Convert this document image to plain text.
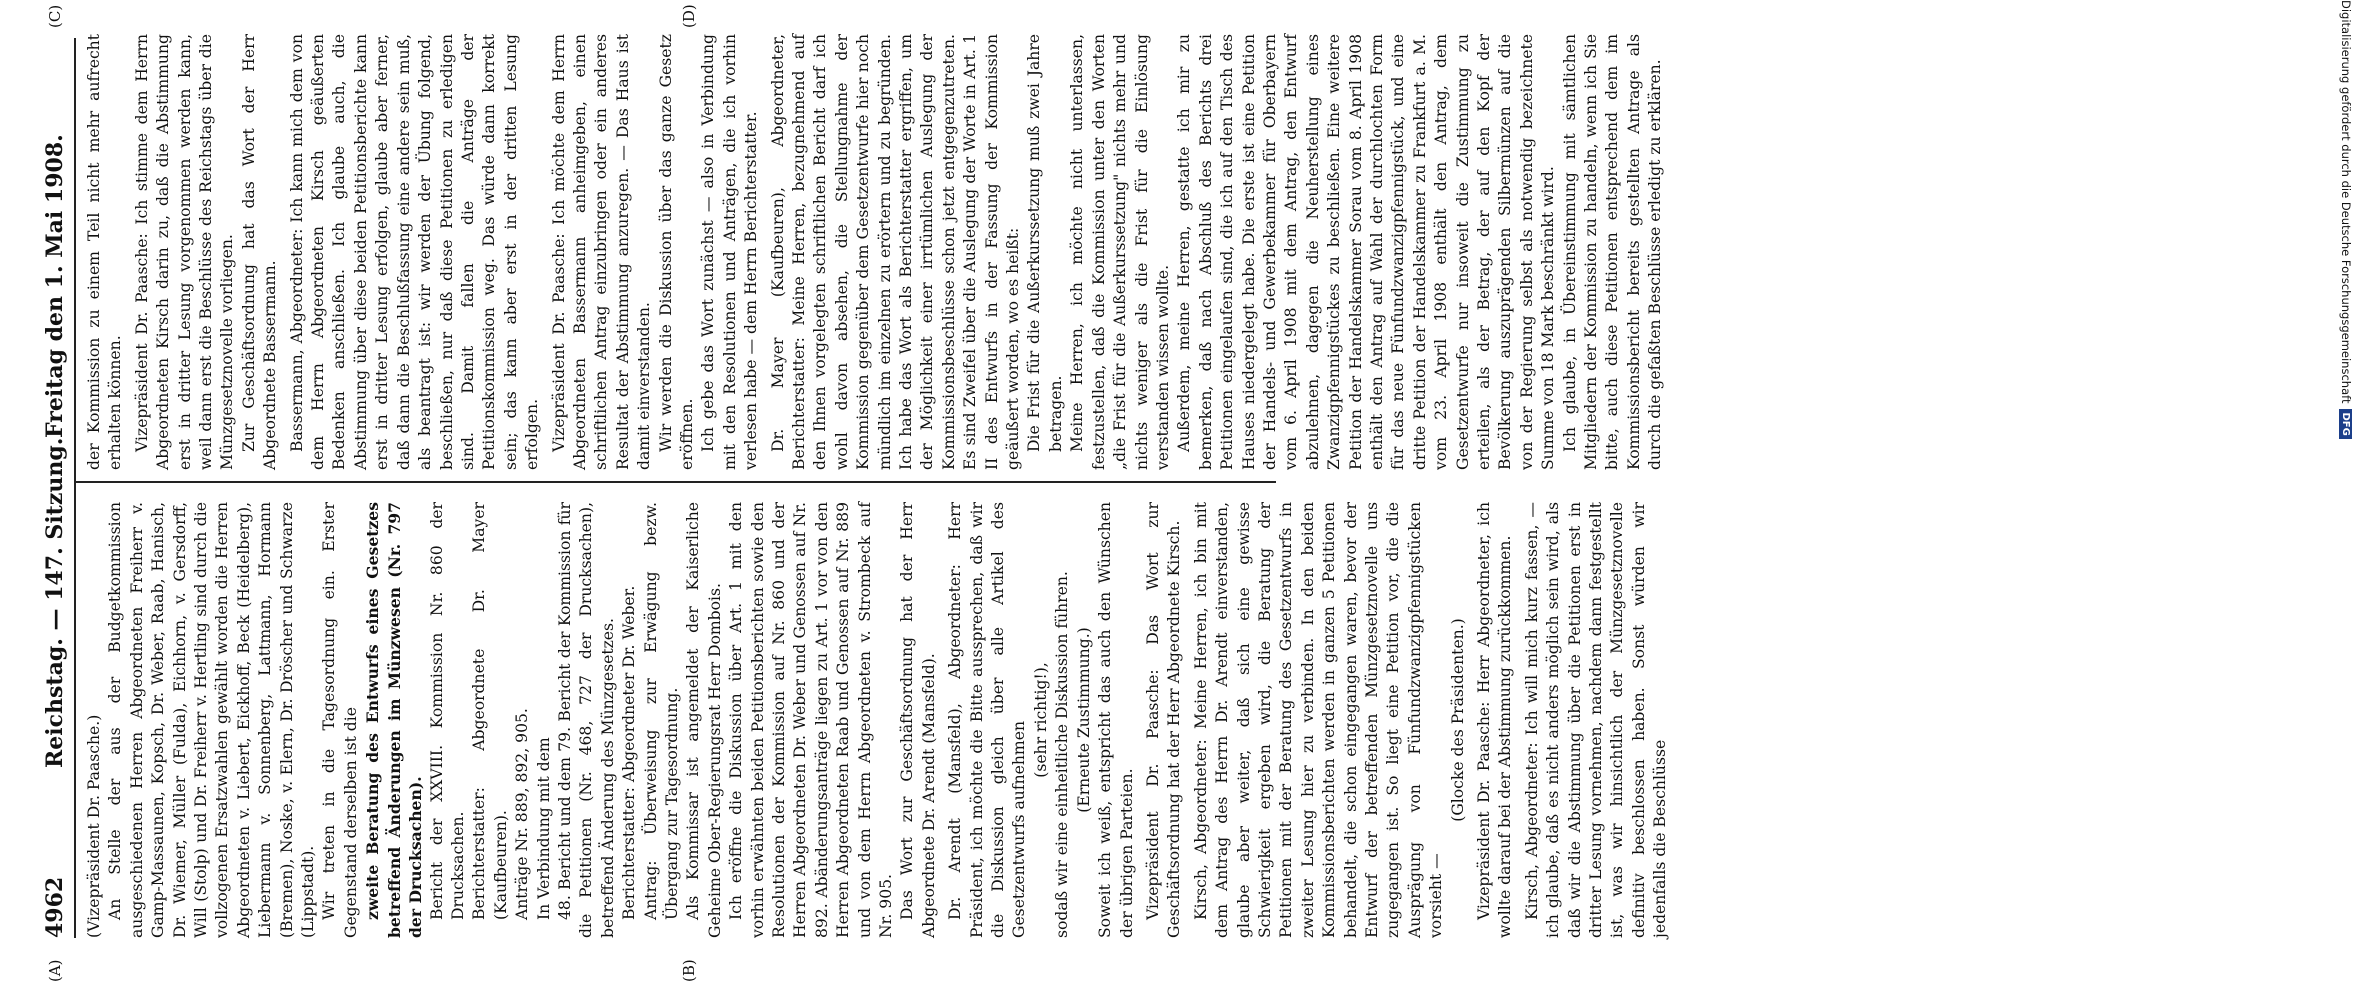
4962
Reichstag. — 147. Sitzung.
Freitag den 1. Mai 1908.
(A)	(B)
(C)	(D)

(Vizepräsident Dr. Paasche.) An Stelle der aus der Budgetkommission ausgeschiedenen Herren Abgeordneten Freiherr v. Gamp-Massaunen, Kopsch, Dr. Weber, Raab, Hanisch, Dr. Wiemer, Müller (Fulda), Eichhorn, v. Gersdorff, Will (Stolp) und Dr. Freiherr v. Hertling sind durch die vollzogenen Ersatzwahlen gewählt worden die Herren Abgeordneten v. Liebert, Eickhoff, Beck (Heidelberg), Liebermann v. Sonnenberg, Lattmann, Hormann (Bremen), Noske, v. Elern, Dr. Dröscher und Schwarze (Lippstadt). Wir treten in die Tagesordnung ein. Erster Gegenstand derselben ist die zweite Beratung des Entwurfs eines Gesetzes betreffend Änderungen im Münzwesen (Nr. 797 der Drucksachen). Bericht der XXVIII. Kommission Nr. 860 der Drucksachen. Berichterstatter: Abgeordnete Dr. Mayer (Kaufbeuren). Anträge Nr. 889, 892, 905. In Verbindung mit dem 48. Bericht und dem 79. Bericht der Kommission für die Petitionen (Nr. 468, 727 der Drucksachen), betreffend Änderung des Münzgesetzes. Berichterstatter: Abgeordneter Dr. Weber. Antrag: Überweisung zur Erwägung bezw. Übergang zur Tagesordnung. Als Kommissar ist angemeldet der Kaiserliche Geheime Ober-Regierungsrat Herr Dombois. Ich eröffne die Diskussion über Art. 1 mit den vorhin erwähnten beiden Petitionsberichten sowie den Resolutionen der Kommission auf Nr. 860 und der Herren Abgeordneten Dr. Weber und Genossen auf Nr. 892. Abänderungsanträge liegen zu Art. 1 vor von den Herren Abgeordneten Raab und Genossen auf Nr. 889 und von dem Herrn Abgeordneten v. Strombeck auf Nr. 905. Das Wort zur Geschäftsordnung hat der Herr Abgeordnete Dr. Arendt (Mansfeld). Dr. Arendt (Mansfeld), Abgeordneter: Herr Präsident, ich möchte die Bitte aussprechen, daß wir die Diskussion gleich über alle Artikel des Gesetzentwurfs aufnehmen

(sehr richtig!), sodaß wir eine einheitliche Diskussion führen. (Erneute Zustimmung.) Soweit ich weiß, entspricht das auch den Wünschen der übrigen Parteien. Vizepräsident Dr. Paasche: Das Wort zur Geschäftsordnung hat der Herr Abgeordnete Kirsch. Kirsch, Abgeordneter: Meine Herren, ich bin mit dem Antrag des Herrn Dr. Arendt einverstanden, glaube aber weiter, daß sich eine gewisse Schwierigkeit ergeben wird, die Beratung der Petitionen mit der Beratung des Gesetzentwurfs in zweiter Lesung hier zu verbinden. In den beiden Kommissionsberichten werden in ganzen 5 Petitionen behandelt, die schon eingegangen waren, bevor der Entwurf der betreffenden Münzgesetznovelle uns zugegangen ist. So liegt eine Petition vor, die die Ausprägung von Fünfundzwanzigpfennigstücken vorsieht —

(Glocke des Präsidenten.) Vizepräsident Dr. Paasche: Herr Abgeordneter, ich wollte darauf bei der Abstimmung zurückkommen. Kirsch, Abgeordneter: Ich will mich kurz fassen, — ich glaube, daß es nicht anders möglich sein wird, als daß wir die Abstimmung über die Petitionen erst in dritter Lesung vornehmen, nachdem dann festgestellt ist, was wir hinsichtlich der Münzgesetznovelle definitiv beschlossen haben. Sonst würden wir jedenfalls die Beschlüsse

der Kommission zu einem Teil nicht mehr aufrecht erhalten können. Vizepräsident Dr. Paasche: Ich stimme dem Herrn Abgeordneten Kirsch darin zu, daß die Abstimmung erst in dritter Lesung vorgenommen werden kann, weil dann erst die Beschlüsse des Reichstags über die Münzgesetznovelle vorliegen. Zur Geschäftsordnung hat das Wort der Herr Abgeordnete Bassermann. Bassermann, Abgeordneter: Ich kann mich dem von dem Herrn Abgeordneten Kirsch geäußerten Bedenken anschließen. Ich glaube auch, die Abstimmung über diese beiden Petitionsberichte kann erst in dritter Lesung erfolgen, glaube aber ferner, daß dann die Beschlußfassung eine andere sein muß, als beantragt ist: wir werden der Übung folgend, beschließen, nur daß diese Petitionen zu erledigen sind. Damit fallen die Anträge der Petitionskommission weg. Das würde dann korrekt sein; das kann aber erst in der dritten Lesung erfolgen. Vizepräsident Dr. Paasche: Ich möchte dem Herrn Abgeordneten Bassermann anheimgeben, einen schriftlichen Antrag einzubringen oder ein anderes Resultat der Abstimmung anzuregen. — Das Haus ist damit einverstanden. Wir werden die Diskussion über das ganze Gesetz eröffnen. Ich gebe das Wort zunächst — also in Verbindung mit den Resolutionen und Anträgen, die ich vorhin verlesen habe — dem Herrn Berichterstatter. Dr. Mayer (Kaufbeuren), Abgeordneter, Berichterstatter: Meine Herren, bezugnehmend auf den Ihnen vorgelegten schriftlichen Bericht darf ich wohl davon absehen, die Stellungnahme der Kommission gegenüber dem Gesetzentwurfe hier noch mündlich im einzelnen zu erörtern und zu begründen. Ich habe das Wort als Berichterstatter ergriffen, um der Möglichkeit einer irrtümlichen Auslegung der Kommissionsbeschlüsse schon jetzt entgegenzutreten. Es sind Zweifel über die Auslegung der Worte in Art. 1 II des Entwurfs in der Fassung der Kommission geäußert worden, wo es heißt: Die Frist für die Außerkurssetzung muß zwei Jahre betragen. Meine Herren, ich möchte nicht unterlassen, festzustellen, daß die Kommission unter den Worten „die Frist für die Außerkurssetzung" nichts mehr und nichts weniger als die Frist für die Einlösung verstanden wissen wollte. Außerdem, meine Herren, gestatte ich mir zu bemerken, daß nach Abschluß des Berichts drei Petitionen eingelaufen sind, die ich auf den Tisch des Hauses niedergelegt habe. Die erste ist eine Petition der Handels- und Gewerbekammer für Oberbayern vom 6. April 1908 mit dem Antrag, den Entwurf abzulehnen, dagegen die Neuherstellung eines Zwanzigpfennigstückes zu beschließen. Eine weitere Petition der Handelskammer Sorau vom 8. April 1908 enthält den Antrag auf Wahl der durchlochten Form für das neue Fünfundzwanzigpfennigstück, und eine dritte Petition der Handelskammer zu Frankfurt a. M. vom 23. April 1908 enthält den Antrag, dem Gesetzentwurfe nur insoweit die Zustimmung zu erteilen, als der Betrag, der auf den Kopf der Bevölkerung auszuprägenden Silbermünzen auf die von der Regierung selbst als notwendig bezeichnete Summe von 18 Mark beschränkt wird. Ich glaube, in Übereinstimmung mit sämtlichen Mitgliedern der Kommission zu handeln, wenn ich Sie bitte, auch diese Petitionen entsprechend dem im Kommissionsbericht bereits gestellten Antrage als durch die gefaßten Beschlüsse erledigt zu erklären.	Digitalisierung gefördert durch die Deutsche Forschungsgemeinschaft
DFG
